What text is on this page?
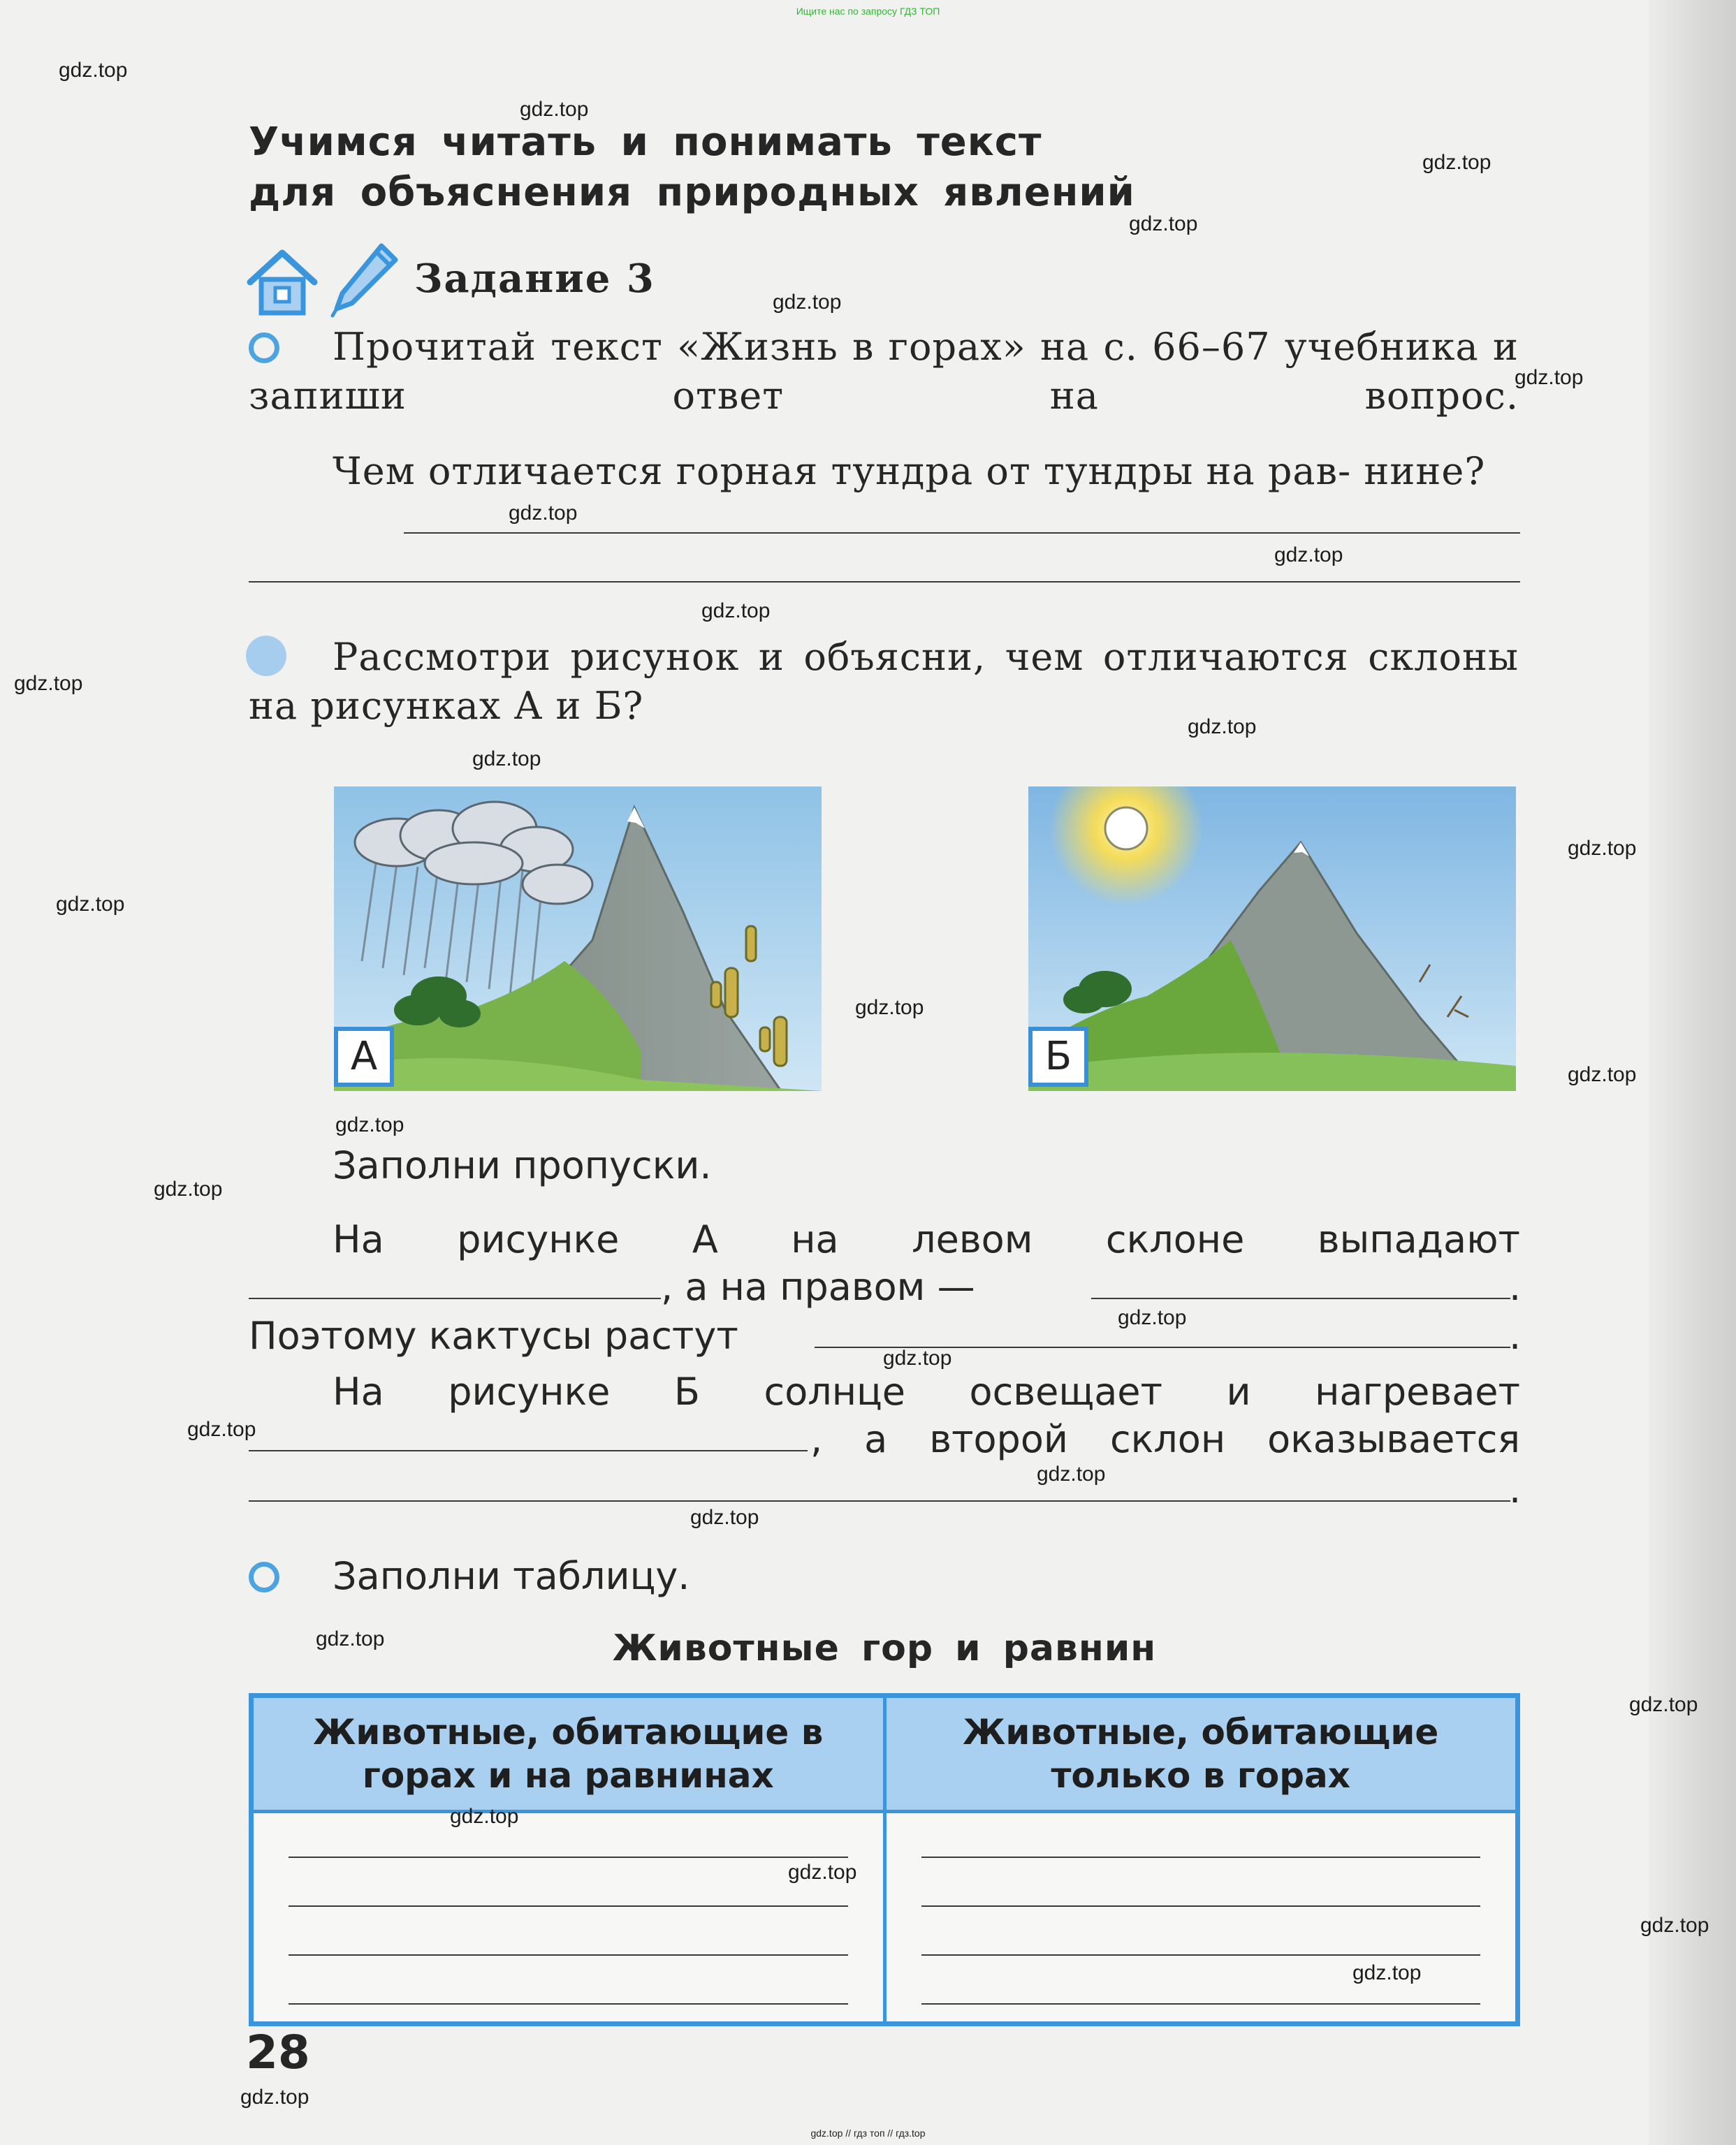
Ищите нас по запросу ГДЗ ТОП
Учимся читать и понимать текст
для объяснения природных явлений
Задание 3
Прочитай текст «Жизнь в горах» на с. 66–67 учебника и запиши ответ на вопрос.
Чем отличается горная тундра от тундры на рав- нине?
Рассмотри рисунок и объясни, чем отличаются склоны на рисунках А и Б?
А	Б
Заполни пропуски.
На рисунке А на левом склоне выпадают
, а на правом —	.
Поэтому кактусы растут	.
На рисунке Б солнце освещает и нагревает
, а второй склон оказывается
.
Заполни таблицу.
Животные гор и равнин
Животные, обитающие в горах и на равнинах	Животные, обитающие только в горах

28
gdz.top
gdz.top
gdz.top
gdz.top
gdz.top
gdz.top
gdz.top
gdz.top
gdz.top
gdz.top
gdz.top
gdz.top
gdz.top
gdz.top
gdz.top
gdz.top
gdz.top
gdz.top
gdz.top
gdz.top
gdz.top
gdz.top
gdz.top
gdz.top
gdz.top
gdz.top
gdz.top
gdz.top
gdz.top
gdz.top
gdz.top // гдз топ // гдз.top
